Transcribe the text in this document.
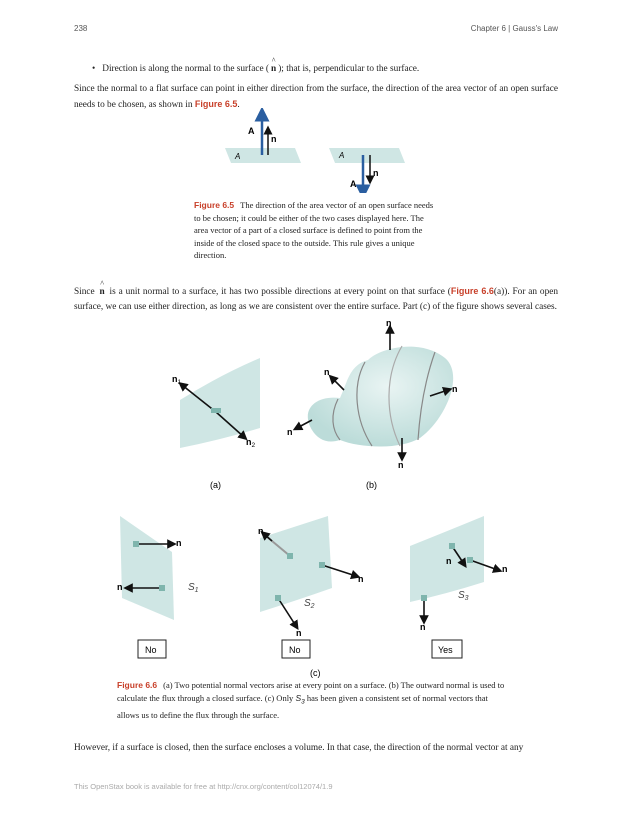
238	Chapter 6 | Gauss's Law
• Direction is along the normal to the surface ( ^ n ); that is, perpendicular to the surface.
Since the normal to a flat surface can point in either direction from the surface, the direction of the area vector of an open surface needs to be chosen, as shown in Figure 6.5.
A
n
A	A
n
A
Figure 6.5 The direction of the area vector of an open surface needs to be chosen; it could be either of the two cases displayed here. The area vector of a part of a closed surface is defined to point from the inside of the closed space to the outside. This rule gives a unique direction.
Since ^ n is a unit normal to a surface, it has two possible directions at every point on that surface (Figure 6.6(a)). For an open surface, we can use either direction, as long as we are consistent over the entire surface. Part (c) of the figure shows several cases.
$n_1$
$n_2$
(a)
n
n
n
n
n
(b)
n
n	$S_1$
n
n
n
$S_2$
n
n
n
$S_3$
No	No	Yes
(c)
Figure 6.6 (a) Two potential normal vectors arise at every point on a surface. (b) The outward normal is used to calculate the flux through a closed surface. (c) Only $S_3$ has been given a consistent set of normal vectors that allows us to define the flux through the surface.
However, if a surface is closed, then the surface encloses a volume. In that case, the direction of the normal vector at any
This OpenStax book is available for free at http://cnx.org/content/col12074/1.9
